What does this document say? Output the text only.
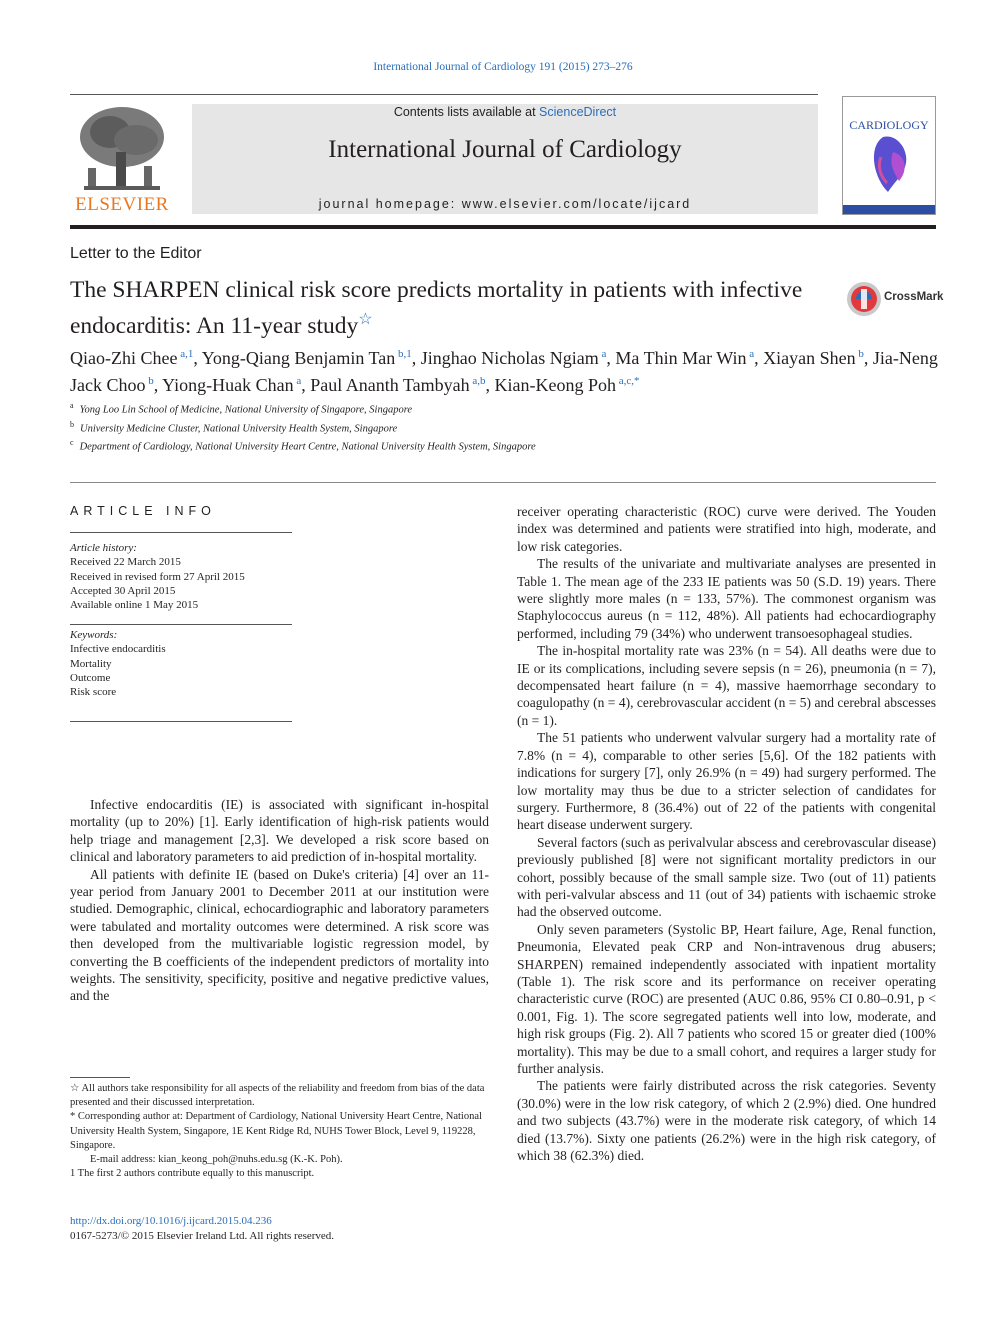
International Journal of Cardiology 191 (2015) 273–276
ELSEVIER
Contents lists available at ScienceDirect
International Journal of Cardiology
journal homepage: www.elsevier.com/locate/ijcard
CARDIOLOGY
Letter to the Editor
The SHARPEN clinical risk score predicts mortality in patients with infective endocarditis: An 11-year study☆
CrossMark
Qiao-Zhi Chee $^{a,1}$, Yong-Qiang Benjamin Tan $^{b,1}$, Jinghao Nicholas Ngiam $^a$, Ma Thin Mar Win $^a$, Xiayan Shen $^b$, Jia-Neng Jack Choo $^b$, Yiong-Huak Chan $^a$, Paul Ananth Tambyah $^{a,b}$, Kian-Keong Poh $^{a,c,*}$
$^a$ Yong Loo Lin School of Medicine, National University of Singapore, Singapore
$^b$ University Medicine Cluster, National University Health System, Singapore
$^c$ Department of Cardiology, National University Heart Centre, National University Health System, Singapore
ARTICLE INFO
Article history:
Received 22 March 2015
Received in revised form 27 April 2015
Accepted 30 April 2015
Available online 1 May 2015
Keywords:
Infective endocarditis
Mortality
Outcome
Risk score

Infective endocarditis (IE) is associated with significant in-hospital mortality (up to 20%) [1]. Early identification of high-risk patients would help triage and management [2,3]. We developed a risk score based on clinical and laboratory parameters to aid prediction of in-hospital mortality.

All patients with definite IE (based on Duke's criteria) [4] over an 11-year period from January 2001 to December 2011 at our institution were studied. Demographic, clinical, echocardiographic and laboratory parameters were tabulated and mortality outcomes were determined. A risk score was then developed from the multivariable logistic regression model, by converting the B coefficients of the independent predictors of mortality into weights. The sensitivity, specificity, positive and negative predictive values, and the

receiver operating characteristic (ROC) curve were derived. The Youden index was determined and patients were stratified into high, moderate, and low risk categories.

The results of the univariate and multivariate analyses are presented in Table 1. The mean age of the 233 IE patients was 50 (S.D. 19) years. There were slightly more males (n = 133, 57%). The commonest organism was Staphylococcus aureus (n = 112, 48%). All patients had echocardiography performed, including 79 (34%) who underwent transoesophageal studies.

The in-hospital mortality rate was 23% (n = 54). All deaths were due to IE or its complications, including severe sepsis (n = 26), pneumonia (n = 7), decompensated heart failure (n = 4), massive haemorrhage secondary to coagulopathy (n = 4), cerebrovascular accident (n = 5) and cerebral abscesses (n = 1).

The 51 patients who underwent valvular surgery had a mortality rate of 7.8% (n = 4), comparable to other series [5,6]. Of the 182 patients with indications for surgery [7], only 26.9% (n = 49) had surgery performed. The low mortality may thus be due to a stricter selection of candidates for surgery. Furthermore, 8 (36.4%) out of 22 of the patients with congenital heart disease underwent surgery.

Several factors (such as perivalvular abscess and cerebrovascular disease) previously published [8] were not significant mortality predictors in our cohort, possibly because of the small sample size. Two (out of 11) patients with peri-valvular abscess and 11 (out of 34) patients with ischaemic stroke had the observed outcome.

Only seven parameters (Systolic BP, Heart failure, Age, Renal function, Pneumonia, Elevated peak CRP and Non-intravenous drug abusers; SHARPEN) remained independently associated with inpatient mortality (Table 1). The risk score and its performance on receiver operating characteristic curve (ROC) are presented (AUC 0.86, 95% CI 0.80–0.91, p < 0.001, Fig. 1). The score segregated patients well into low, moderate, and high risk groups (Fig. 2). All 7 patients who scored 15 or greater died (100% mortality). This may be due to a small cohort, and requires a larger study for further analysis.

The patients were fairly distributed across the risk categories. Seventy (30.0%) were in the low risk category, of which 2 (2.9%) died. One hundred and two subjects (43.7%) were in the moderate risk category, of which 14 died (13.7%). Sixty one patients (26.2%) were in the high risk category, of which 38 (62.3%) died.

☆ All authors take responsibility for all aspects of the reliability and freedom from bias of the data presented and their discussed interpretation.

* Corresponding author at: Department of Cardiology, National University Heart Centre, National University Health System, Singapore, 1E Kent Ridge Rd, NUHS Tower Block, Level 9, 119228, Singapore.

E-mail address: kian_keong_poh@nuhs.edu.sg (K.-K. Poh).

1 The first 2 authors contribute equally to this manuscript.

http://dx.doi.org/10.1016/j.ijcard.2015.04.236
0167-5273/© 2015 Elsevier Ireland Ltd. All rights reserved.
